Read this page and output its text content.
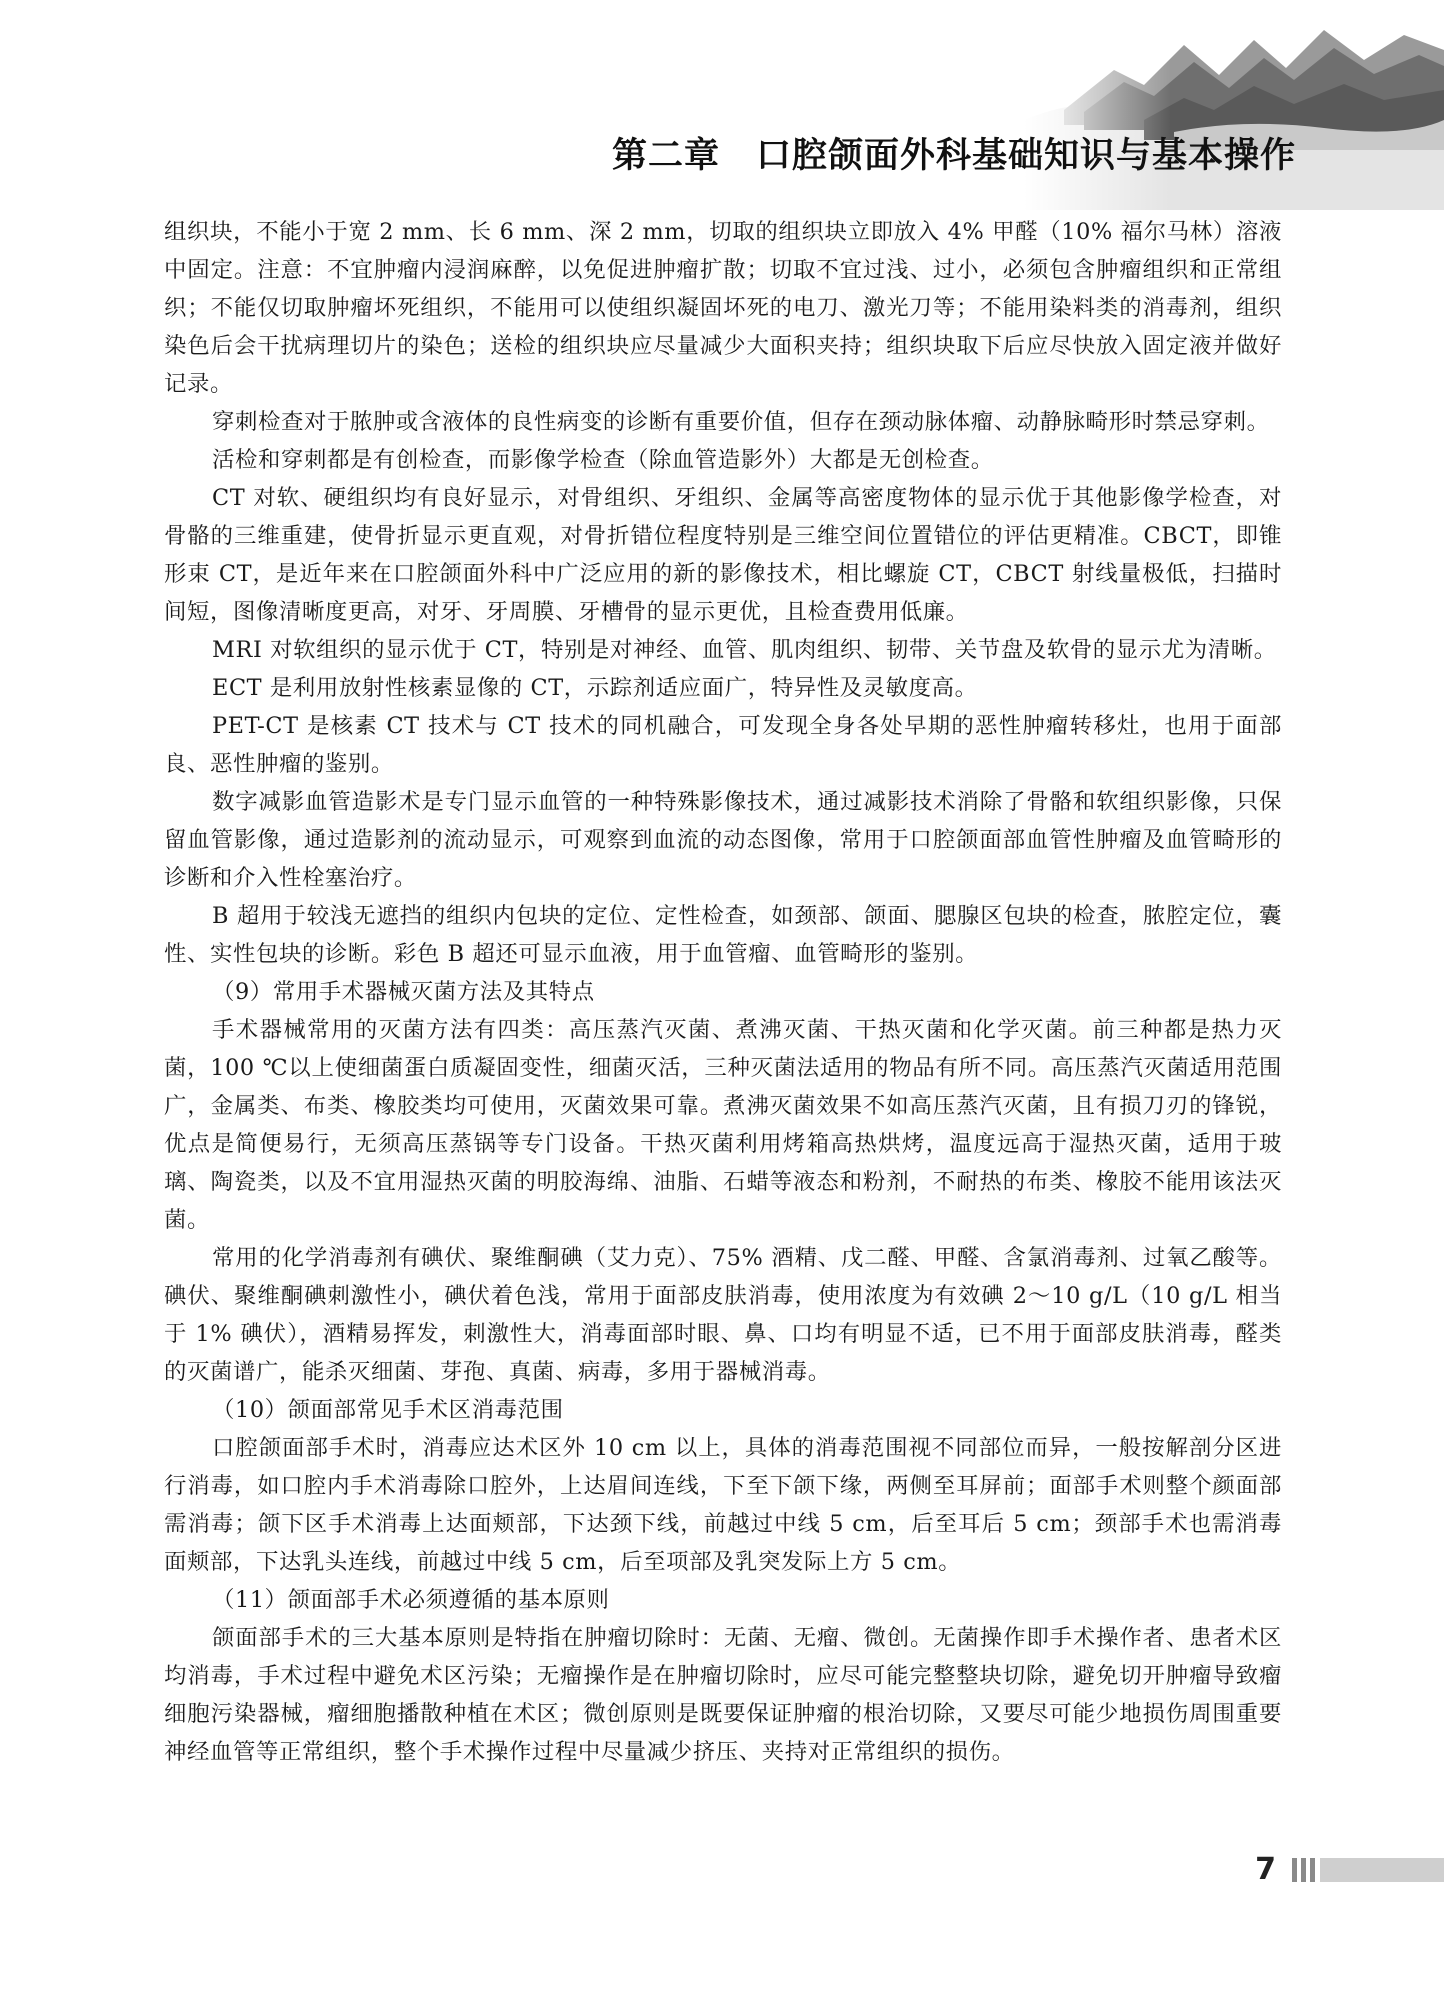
第二章　口腔颌面外科基础知识与基本操作

组织块，不能小于宽 2 mm、长 6 mm、深 2 mm，切取的组织块立即放入 4% 甲醛（10% 福尔马林）溶液中固定。注意：不宜肿瘤内浸润麻醉，以免促进肿瘤扩散；切取不宜过浅、过小，必须包含肿瘤组织和正常组织；不能仅切取肿瘤坏死组织，不能用可以使组织凝固坏死的电刀、激光刀等；不能用染料类的消毒剂，组织染色后会干扰病理切片的染色；送检的组织块应尽量减少大面积夹持；组织块取下后应尽快放入固定液并做好记录。

穿刺检查对于脓肿或含液体的良性病变的诊断有重要价值，但存在颈动脉体瘤、动静脉畸形时禁忌穿刺。

活检和穿刺都是有创检查，而影像学检查（除血管造影外）大都是无创检查。

CT 对软、硬组织均有良好显示，对骨组织、牙组织、金属等高密度物体的显示优于其他影像学检查，对骨骼的三维重建，使骨折显示更直观，对骨折错位程度特别是三维空间位置错位的评估更精准。CBCT，即锥形束 CT，是近年来在口腔颌面外科中广泛应用的新的影像技术，相比螺旋 CT，CBCT 射线量极低，扫描时间短，图像清晰度更高，对牙、牙周膜、牙槽骨的显示更优，且检查费用低廉。

MRI 对软组织的显示优于 CT，特别是对神经、血管、肌肉组织、韧带、关节盘及软骨的显示尤为清晰。

ECT 是利用放射性核素显像的 CT，示踪剂适应面广，特异性及灵敏度高。

PET-CT 是核素 CT 技术与 CT 技术的同机融合，可发现全身各处早期的恶性肿瘤转移灶，也用于面部良、恶性肿瘤的鉴别。

数字减影血管造影术是专门显示血管的一种特殊影像技术，通过减影技术消除了骨骼和软组织影像，只保留血管影像，通过造影剂的流动显示，可观察到血流的动态图像，常用于口腔颌面部血管性肿瘤及血管畸形的诊断和介入性栓塞治疗。

B 超用于较浅无遮挡的组织内包块的定位、定性检查，如颈部、颌面、腮腺区包块的检查，脓腔定位，囊性、实性包块的诊断。彩色 B 超还可显示血液，用于血管瘤、血管畸形的鉴别。

（9）常用手术器械灭菌方法及其特点

手术器械常用的灭菌方法有四类：高压蒸汽灭菌、煮沸灭菌、干热灭菌和化学灭菌。前三种都是热力灭菌，100 ℃以上使细菌蛋白质凝固变性，细菌灭活，三种灭菌法适用的物品有所不同。高压蒸汽灭菌适用范围广，金属类、布类、橡胶类均可使用，灭菌效果可靠。煮沸灭菌效果不如高压蒸汽灭菌，且有损刀刃的锋锐，优点是简便易行，无须高压蒸锅等专门设备。干热灭菌利用烤箱高热烘烤，温度远高于湿热灭菌，适用于玻璃、陶瓷类，以及不宜用湿热灭菌的明胶海绵、油脂、石蜡等液态和粉剂，不耐热的布类、橡胶不能用该法灭菌。

常用的化学消毒剂有碘伏、聚维酮碘（艾力克）、75% 酒精、戊二醛、甲醛、含氯消毒剂、过氧乙酸等。碘伏、聚维酮碘刺激性小，碘伏着色浅，常用于面部皮肤消毒，使用浓度为有效碘 2～10 g/L（10 g/L 相当于 1% 碘伏），酒精易挥发，刺激性大，消毒面部时眼、鼻、口均有明显不适，已不用于面部皮肤消毒，醛类的灭菌谱广，能杀灭细菌、芽孢、真菌、病毒，多用于器械消毒。

（10）颌面部常见手术区消毒范围

口腔颌面部手术时，消毒应达术区外 10 cm 以上，具体的消毒范围视不同部位而异，一般按解剖分区进行消毒，如口腔内手术消毒除口腔外，上达眉间连线，下至下颌下缘，两侧至耳屏前；面部手术则整个颜面部需消毒；颌下区手术消毒上达面颊部，下达颈下线，前越过中线 5 cm，后至耳后 5 cm；颈部手术也需消毒面颊部，下达乳头连线，前越过中线 5 cm，后至项部及乳突发际上方 5 cm。

（11）颌面部手术必须遵循的基本原则

颌面部手术的三大基本原则是特指在肿瘤切除时：无菌、无瘤、微创。无菌操作即手术操作者、患者术区均消毒，手术过程中避免术区污染；无瘤操作是在肿瘤切除时，应尽可能完整整块切除，避免切开肿瘤导致瘤细胞污染器械，瘤细胞播散种植在术区；微创原则是既要保证肿瘤的根治切除，又要尽可能少地损伤周围重要神经血管等正常组织，整个手术操作过程中尽量减少挤压、夹持对正常组织的损伤。

7
